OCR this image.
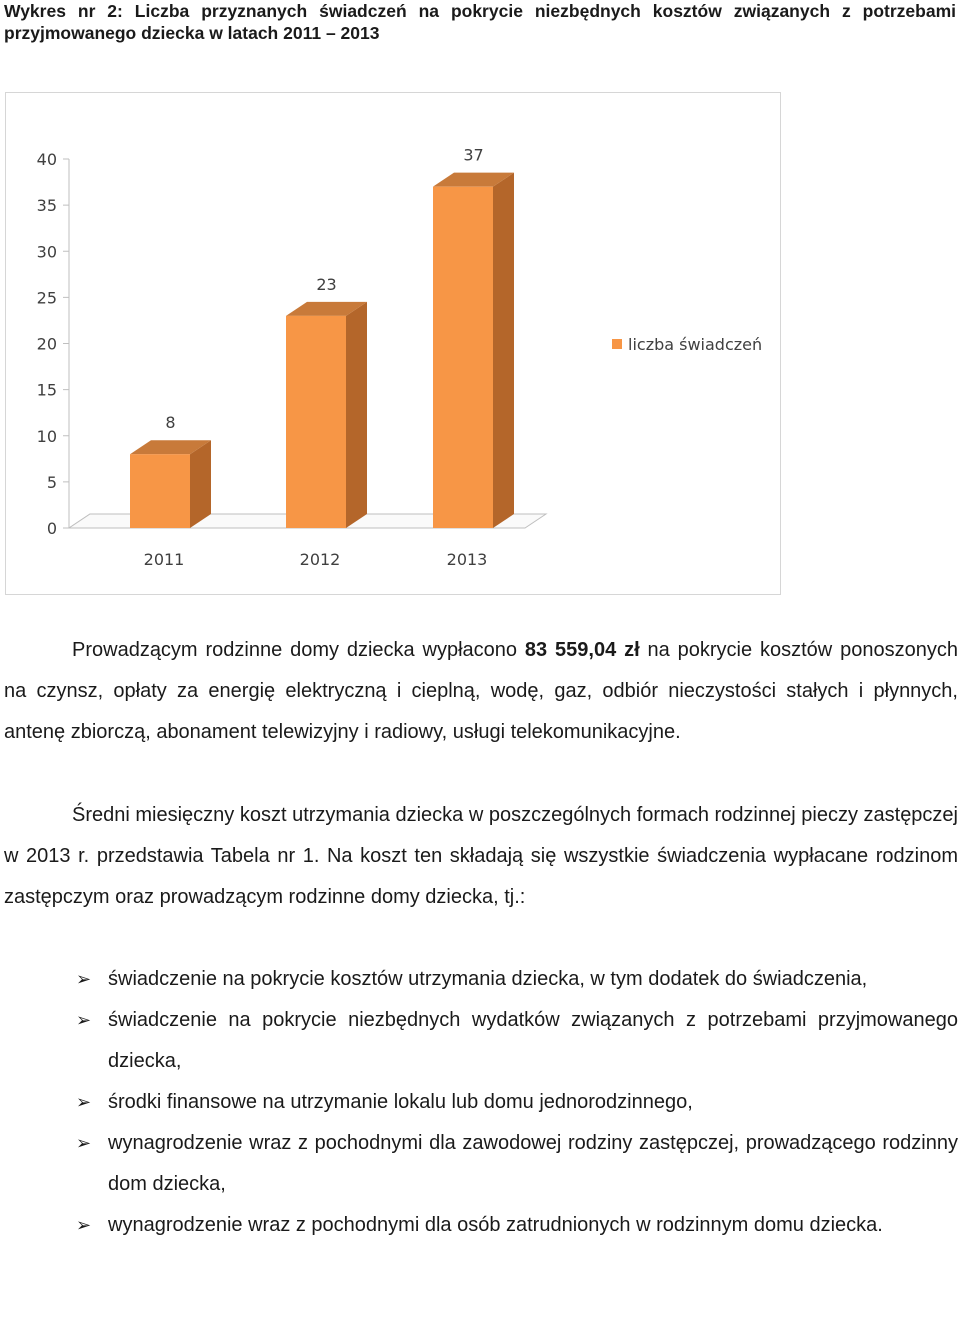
Wykres nr 2: Liczba przyznanych świadczeń na pokrycie niezbędnych kosztów związanych z potrzebami przyjmowanego dziecka w latach 2011 – 2013
0
5
10
15
20
25
30
35
40
8
2011
23
2012
37
2013
liczba świadczeń

Prowadzącym rodzinne domy dziecka wypłacono 83 559,04 zł na pokrycie kosztów ponoszonych na czynsz, opłaty za energię elektryczną i cieplną, wodę, gaz, odbiór nieczystości stałych i płynnych, antenę zbiorczą, abonament telewizyjny i radiowy, usługi telekomunikacyjne.

Średni miesięczny koszt utrzymania dziecka w poszczególnych formach rodzinnej pieczy zastępczej w 2013 r. przedstawia Tabela nr 1. Na koszt ten składają się wszystkie świadczenia wypłacane rodzinom zastępczym oraz prowadzącym rodzinne domy dziecka, tj.:

➢ świadczenie na pokrycie kosztów utrzymania dziecka, w tym dodatek do świadczenia,
➢ świadczenie na pokrycie niezbędnych wydatków związanych z potrzebami przyjmowanego dziecka,
➢ środki finansowe na utrzymanie lokalu lub domu jednorodzinnego,
➢ wynagrodzenie wraz z pochodnymi dla zawodowej rodziny zastępczej, prowadzącego rodzinny dom dziecka,
➢ wynagrodzenie wraz z pochodnymi dla osób zatrudnionych w rodzinnym domu dziecka.
